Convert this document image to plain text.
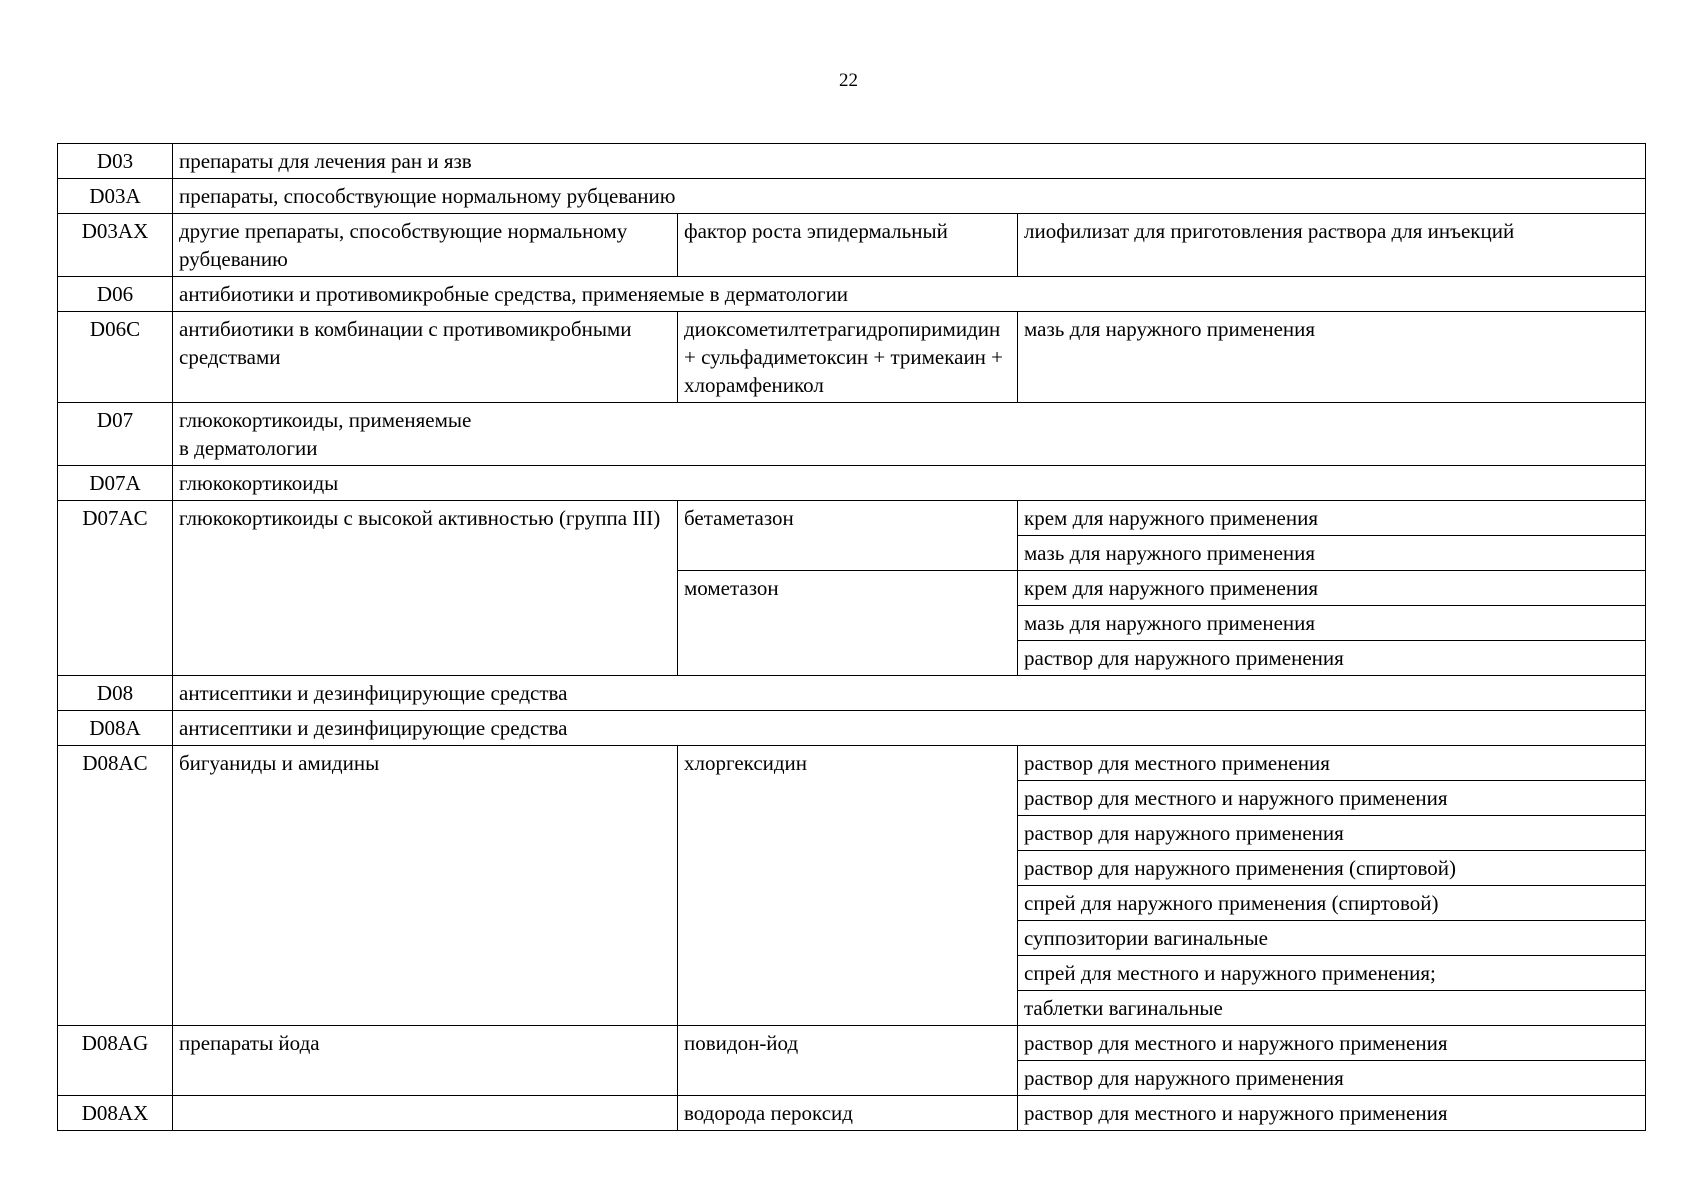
22
D03	препараты для лечения ран и язв		
D03A	препараты, способствующие нормальному рубцеванию		
D03AX	другие препараты, способствующие нормальному рубцеванию	фактор роста эпидермальный	лиофилизат для приготовления раствора для инъекций
D06	антибиотики и противомикробные средства, применяемые в дерматологии		
D06C	антибиотики в комбинации с противомикробными средствами	диоксометилтетрагидропиримидин + сульфадиметоксин + тримекаин + хлорамфеникол	мазь для наружного применения
D07	глюкокортикоиды, применяемые
в дерматологии		
D07A	глюкокортикоиды		
D07AC	глюкокортикоиды с высокой активностью (группа III)	бетаметазон	крем для наружного применения
			мазь для наружного применения
		мометазон	крем для наружного применения
			мазь для наружного применения
			раствор для наружного применения
D08	антисептики и дезинфицирующие средства		
D08A	антисептики и дезинфицирующие средства		
D08AC	бигуаниды и амидины	хлоргексидин	раствор для местного применения
			раствор для местного и наружного применения
			раствор для наружного применения
			раствор для наружного применения (спиртовой)
			спрей для наружного применения (спиртовой)
			суппозитории вагинальные
			спрей для местного и наружного применения;
			таблетки вагинальные
D08AG	препараты йода	повидон-йод	раствор для местного и наружного применения
			раствор для наружного применения
D08AX		водорода пероксид	раствор для местного и наружного применения
